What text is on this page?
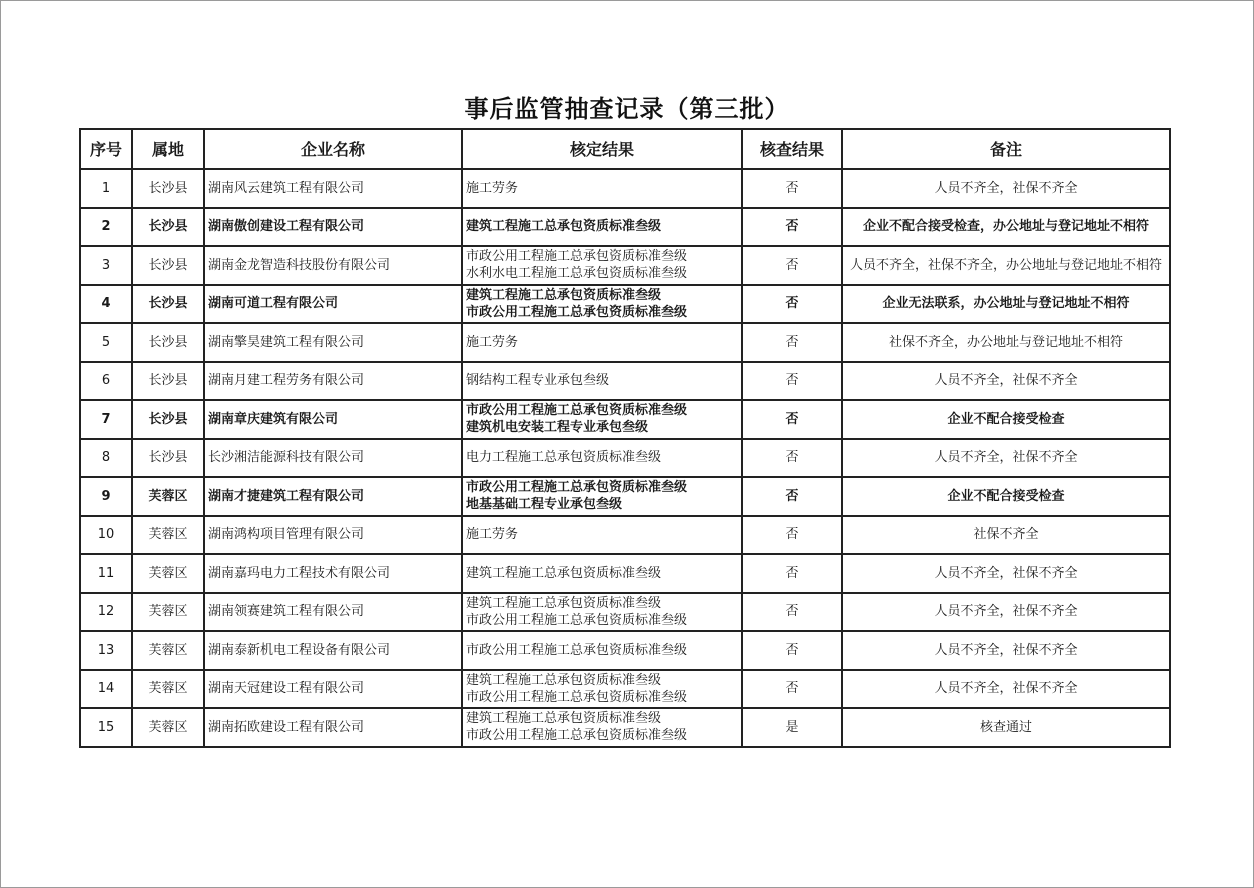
事后监管抽查记录（第三批）
序号	属地	企业名称	核定结果	核查结果	备注
1	长沙县	湖南风云建筑工程有限公司	施工劳务	否	人员不齐全，社保不齐全
2	长沙县	湖南傲创建设工程有限公司	建筑工程施工总承包资质标准叁级	否	企业不配合接受检查，办公地址与登记地址不相符
3	长沙县	湖南金龙智造科技股份有限公司	市政公用工程施工总承包资质标准叁级
水利水电工程施工总承包资质标准叁级	否	人员不齐全，社保不齐全，办公地址与登记地址不相符
4	长沙县	湖南可道工程有限公司	建筑工程施工总承包资质标准叁级
市政公用工程施工总承包资质标准叁级	否	企业无法联系，办公地址与登记地址不相符
5	长沙县	湖南擎昊建筑工程有限公司	施工劳务	否	社保不齐全，办公地址与登记地址不相符
6	长沙县	湖南月建工程劳务有限公司	钢结构工程专业承包叁级	否	人员不齐全，社保不齐全
7	长沙县	湖南章庆建筑有限公司	市政公用工程施工总承包资质标准叁级
建筑机电安装工程专业承包叁级	否	企业不配合接受检查
8	长沙县	长沙湘洁能源科技有限公司	电力工程施工总承包资质标准叁级	否	人员不齐全，社保不齐全
9	芙蓉区	湖南才捷建筑工程有限公司	市政公用工程施工总承包资质标准叁级
地基基础工程专业承包叁级	否	企业不配合接受检查
10	芙蓉区	湖南鸿构项目管理有限公司	施工劳务	否	社保不齐全
11	芙蓉区	湖南嘉玛电力工程技术有限公司	建筑工程施工总承包资质标准叁级	否	人员不齐全，社保不齐全
12	芙蓉区	湖南领赛建筑工程有限公司	建筑工程施工总承包资质标准叁级
市政公用工程施工总承包资质标准叁级	否	人员不齐全，社保不齐全
13	芙蓉区	湖南泰新机电工程设备有限公司	市政公用工程施工总承包资质标准叁级	否	人员不齐全，社保不齐全
14	芙蓉区	湖南天冠建设工程有限公司	建筑工程施工总承包资质标准叁级
市政公用工程施工总承包资质标准叁级	否	人员不齐全，社保不齐全
15	芙蓉区	湖南拓欧建设工程有限公司	建筑工程施工总承包资质标准叁级
市政公用工程施工总承包资质标准叁级	是	核查通过
